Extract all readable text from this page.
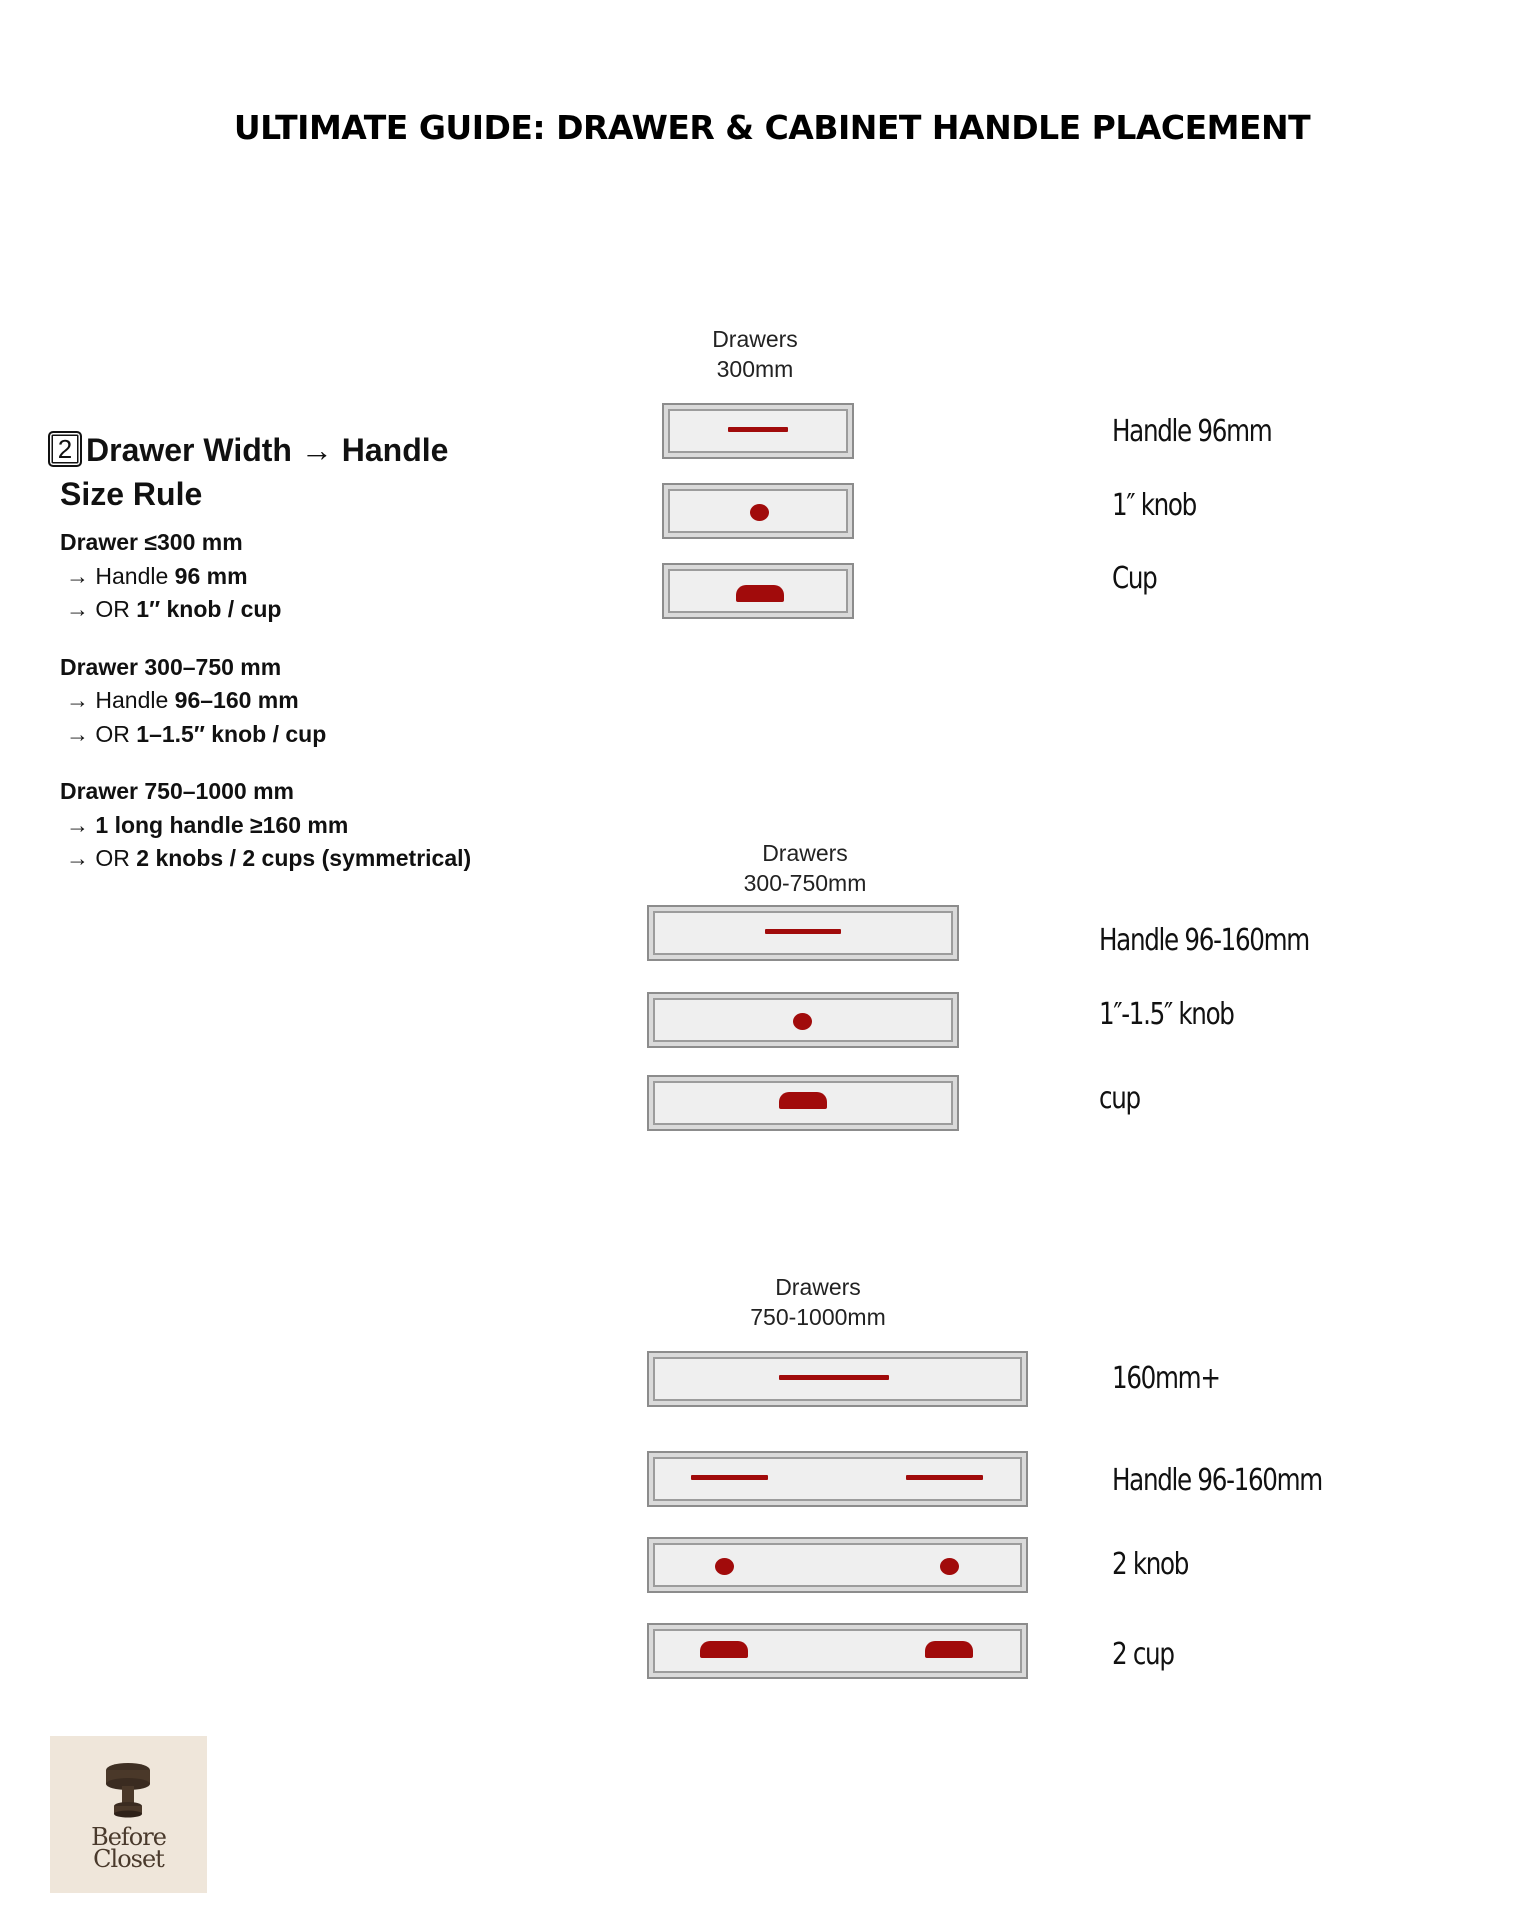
ULTIMATE GUIDE: DRAWER & CABINET HANDLE PLACEMENT
2 Drawer Width → Handle
Size Rule
Drawer ≤300 mm
→ Handle 96 mm
→ OR 1″ knob / cup
Drawer 300–750 mm
→ Handle 96–160 mm
→ OR 1–1.5″ knob / cup
Drawer 750–1000 mm
→ 1 long handle ≥160 mm
→ OR 2 knobs / 2 cups (symmetrical)
Drawers
300mm
Handle 96mm
1″ knob
Cup
Drawers
300-750mm
Handle 96-160mm
1″-1.5″ knob
cup
Drawers
750-1000mm
160mm+
Handle 96-160mm
2 knob
2 cup
Before
Closet
